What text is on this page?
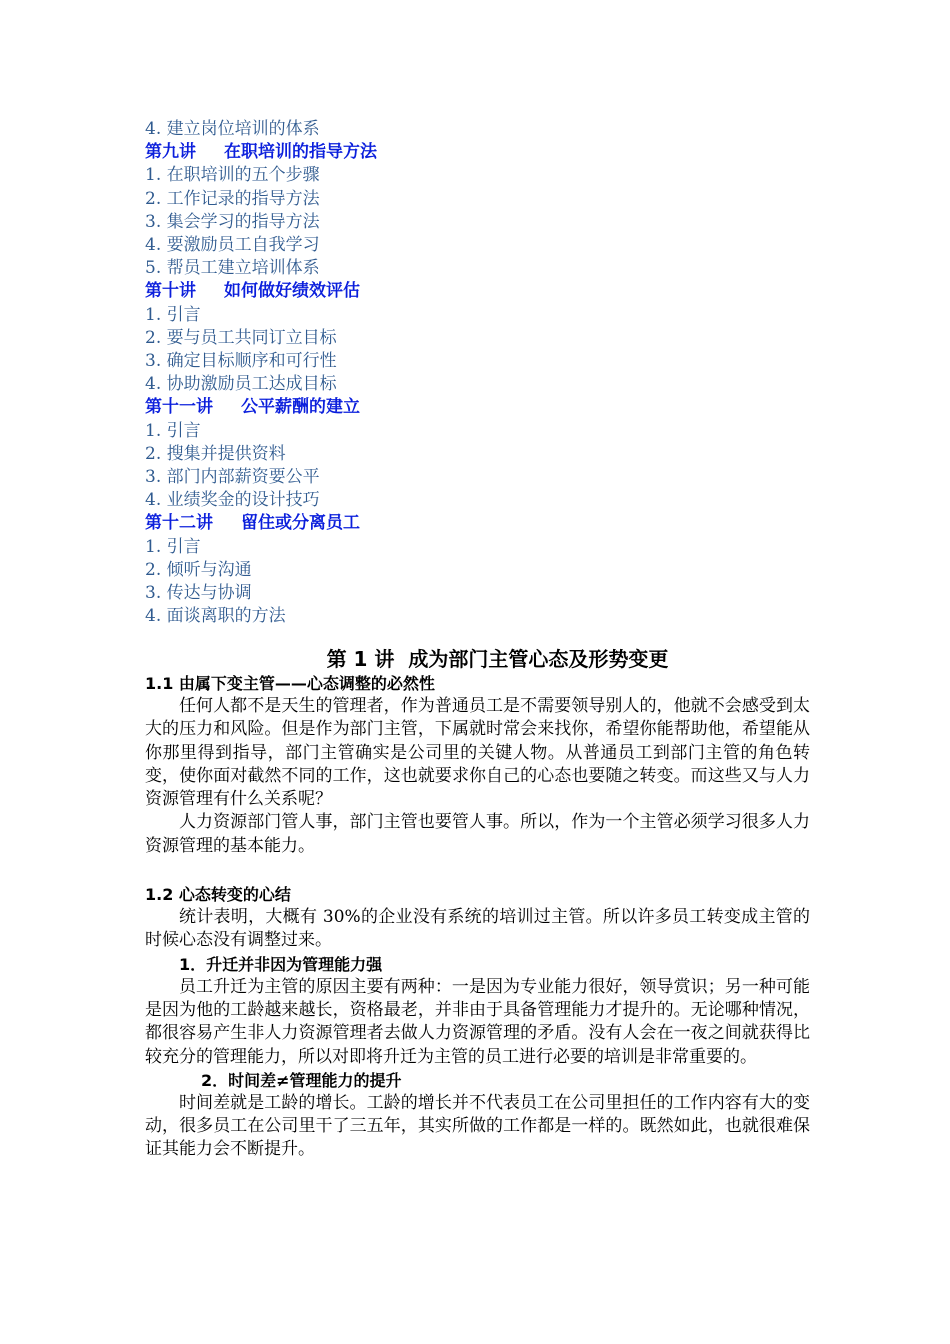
4. 建立岗位培训的体系
第九讲 在职培训的指导方法
1. 在职培训的五个步骤
2. 工作记录的指导方法
3. 集会学习的指导方法
4. 要激励员工自我学习
5. 帮员工建立培训体系
第十讲 如何做好绩效评估
1. 引言
2. 要与员工共同订立目标
3. 确定目标顺序和可行性
4. 协助激励员工达成目标
第十一讲 公平薪酬的建立
1. 引言
2. 搜集并提供资料
3. 部门内部薪资要公平
4. 业绩奖金的设计技巧
第十二讲 留住或分离员工
1. 引言
2. 倾听与沟通
3. 传达与协调
4. 面谈离职的方法
第 1 讲 成为部门主管心态及形势变更
1.1 由属下变主管——心态调整的必然性

任何人都不是天生的管理者，作为普通员工是不需要领导别人的，他就不会感受到太大的压力和风险。但是作为部门主管，下属就时常会来找你，希望你能帮助他，希望能从你那里得到指导，部门主管确实是公司里的关键人物。从普通员工到部门主管的角色转变，使你面对截然不同的工作，这也就要求你自己的心态也要随之转变。而这些又与人力资源管理有什么关系呢？

人力资源部门管人事，部门主管也要管人事。所以，作为一个主管必须学习很多人力资源管理的基本能力。

1.2 心态转变的心结

统计表明，大概有 30%的企业没有系统的培训过主管。所以许多员工转变成主管的时候心态没有调整过来。

1．升迁并非因为管理能力强

员工升迁为主管的原因主要有两种：一是因为专业能力很好，领导赏识；另一种可能是因为他的工龄越来越长，资格最老，并非由于具备管理能力才提升的。无论哪种情况，都很容易产生非人力资源管理者去做人力资源管理的矛盾。没有人会在一夜之间就获得比较充分的管理能力，所以对即将升迁为主管的员工进行必要的培训是非常重要的。

2．时间差≠管理能力的提升

时间差就是工龄的增长。工龄的增长并不代表员工在公司里担任的工作内容有大的变动，很多员工在公司里干了三五年，其实所做的工作都是一样的。既然如此，也就很难保证其能力会不断提升。
